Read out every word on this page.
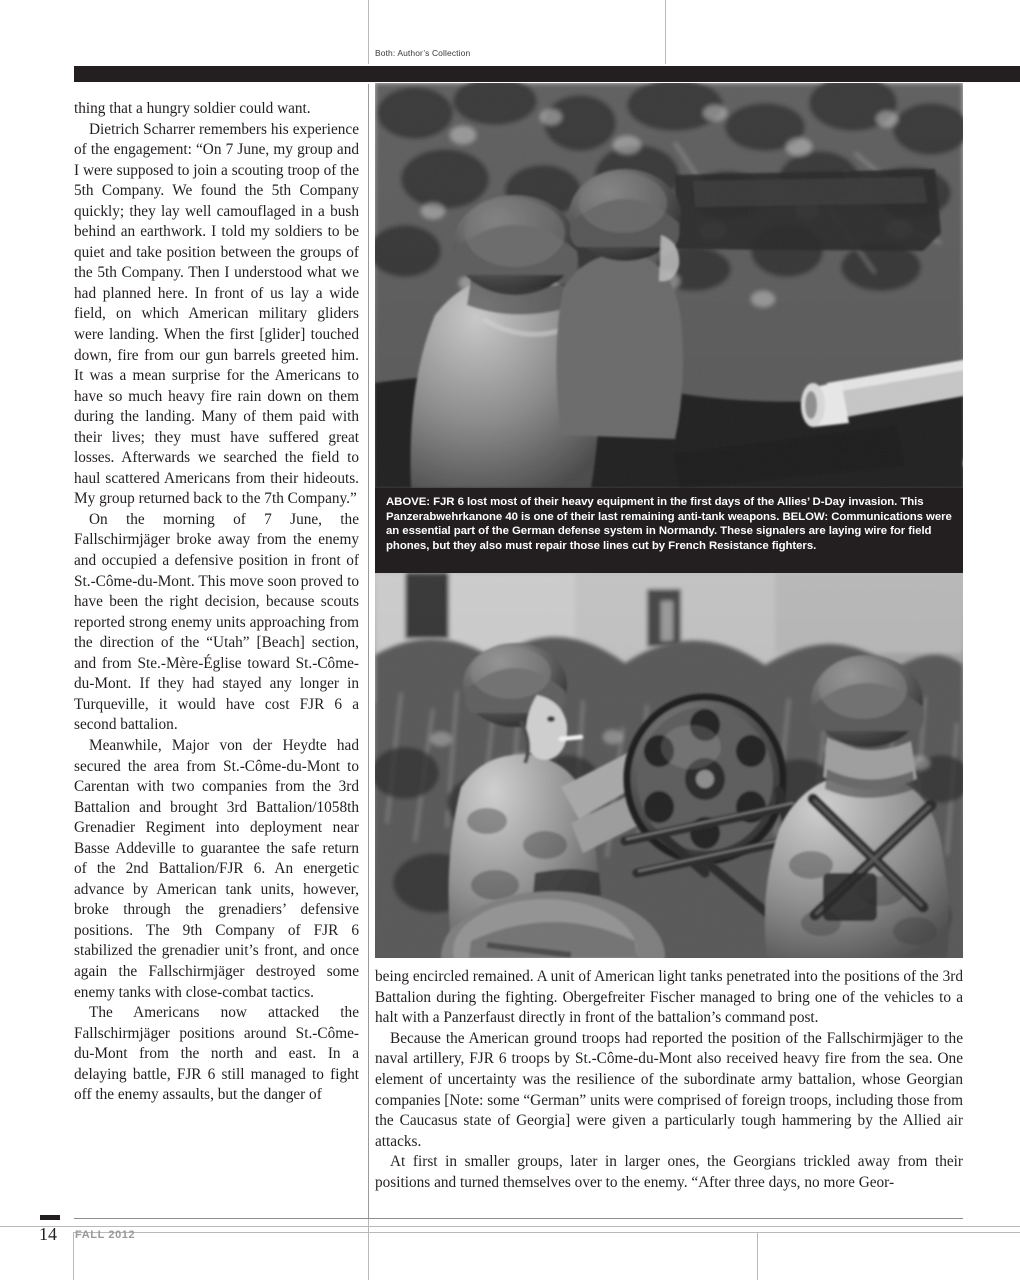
Both: Author’s Collection

thing that a hungry soldier could want.

Dietrich Scharrer remembers his experience of the engagement: “On 7 June, my group and I were supposed to join a scouting troop of the 5th Company. We found the 5th Company quickly; they lay well camouflaged in a bush behind an earthwork. I told my soldiers to be quiet and take position between the groups of the 5th Company. Then I understood what we had planned here. In front of us lay a wide field, on which American military gliders were landing. When the first [glider] touched down, fire from our gun barrels greeted him. It was a mean surprise for the Americans to have so much heavy fire rain down on them during the landing. Many of them paid with their lives; they must have suffered great losses. Afterwards we searched the field to haul scattered Americans from their hideouts. My group returned back to the 7th Company.”

On the morning of 7 June, the Fallschirmjäger broke away from the enemy and occupied a defensive position in front of St.-Côme-du-Mont. This move soon proved to have been the right decision, because scouts reported strong enemy units approaching from the direction of the “Utah” [Beach] section, and from Ste.-Mère-Église toward St.-Côme-du-Mont. If they had stayed any longer in Turqueville, it would have cost FJR 6 a second battalion.

Meanwhile, Major von der Heydte had secured the area from St.-Côme-du-Mont to Carentan with two companies from the 3rd Battalion and brought 3rd Battalion/1058th Grenadier Regiment into deployment near Basse Addeville to guarantee the safe return of the 2nd Battalion/FJR 6. An energetic advance by American tank units, however, broke through the grenadiers’ defensive positions. The 9th Company of FJR 6 stabilized the grenadier unit’s front, and once again the Fallschirmjäger destroyed some enemy tanks with close-combat tactics.

The Americans now attacked the Fallschirmjäger positions around St.-Côme-du-Mont from the north and east. In a delaying battle, FJR 6 still managed to fight off the enemy assaults, but the danger of

ABOVE: FJR 6 lost most of their heavy equipment in the first days of the Allies’ D-Day invasion. This Panzerabwehrkanone 40 is one of their last remaining anti-tank weapons. BELOW: Communications were an essential part of the German defense system in Normandy. These signalers are laying wire for field phones, but they also must repair those lines cut by French Resistance fighters.

being encircled remained. A unit of American light tanks penetrated into the positions of the 3rd Battalion during the fighting. Obergefreiter Fischer managed to bring one of the vehicles to a halt with a Panzerfaust directly in front of the battalion’s command post.

Because the American ground troops had reported the position of the Fallschirmjäger to the naval artillery, FJR 6 troops by St.-Côme-du-Mont also received heavy fire from the sea. One element of uncertainty was the resilience of the subordinate army battalion, whose Georgian companies [Note: some “German” units were comprised of foreign troops, including those from the Caucasus state of Georgia] were given a particularly tough hammering by the Allied air attacks.

At first in smaller groups, later in larger ones, the Georgians trickled away from their positions and turned themselves over to the enemy. “After three days, no more Geor-

14 FALL 2012
